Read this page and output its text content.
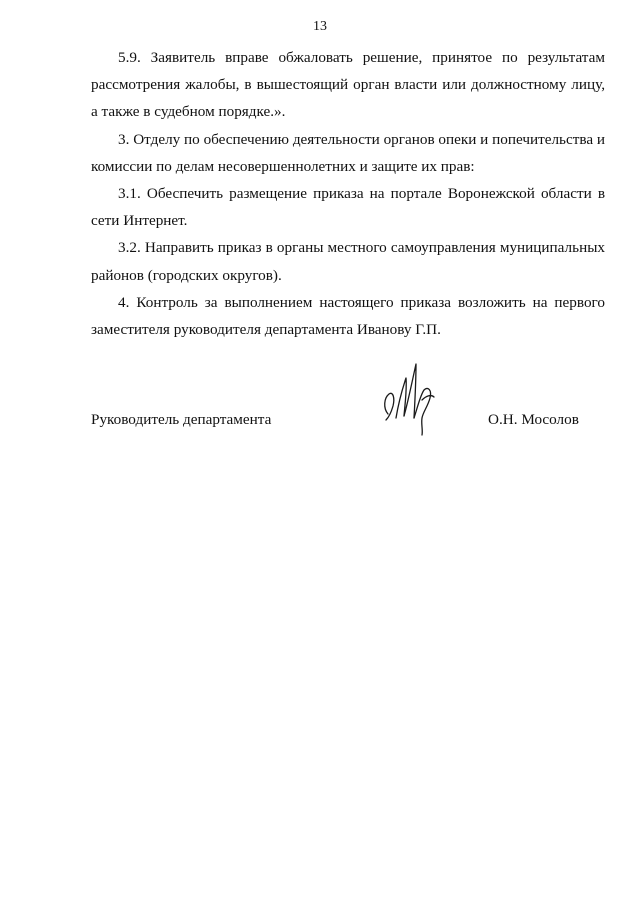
13

5.9. Заявитель вправе обжаловать решение, принятое по результатам рассмотрения жалобы, в вышестоящий орган власти или должностному лицу, а также в судебном порядке.».

3. Отделу по обеспечению деятельности органов опеки и попечительства и комиссии по делам несовершеннолетних и защите их прав:

3.1. Обеспечить размещение приказа на портале Воронежской области в сети Интернет.

3.2. Направить приказ в органы местного самоуправления муниципальных районов (городских округов).

4. Контроль за выполнением настоящего приказа возложить на первого заместителя руководителя департамента Иванову Г.П.

Руководитель департамента	О.Н. Мосолов
